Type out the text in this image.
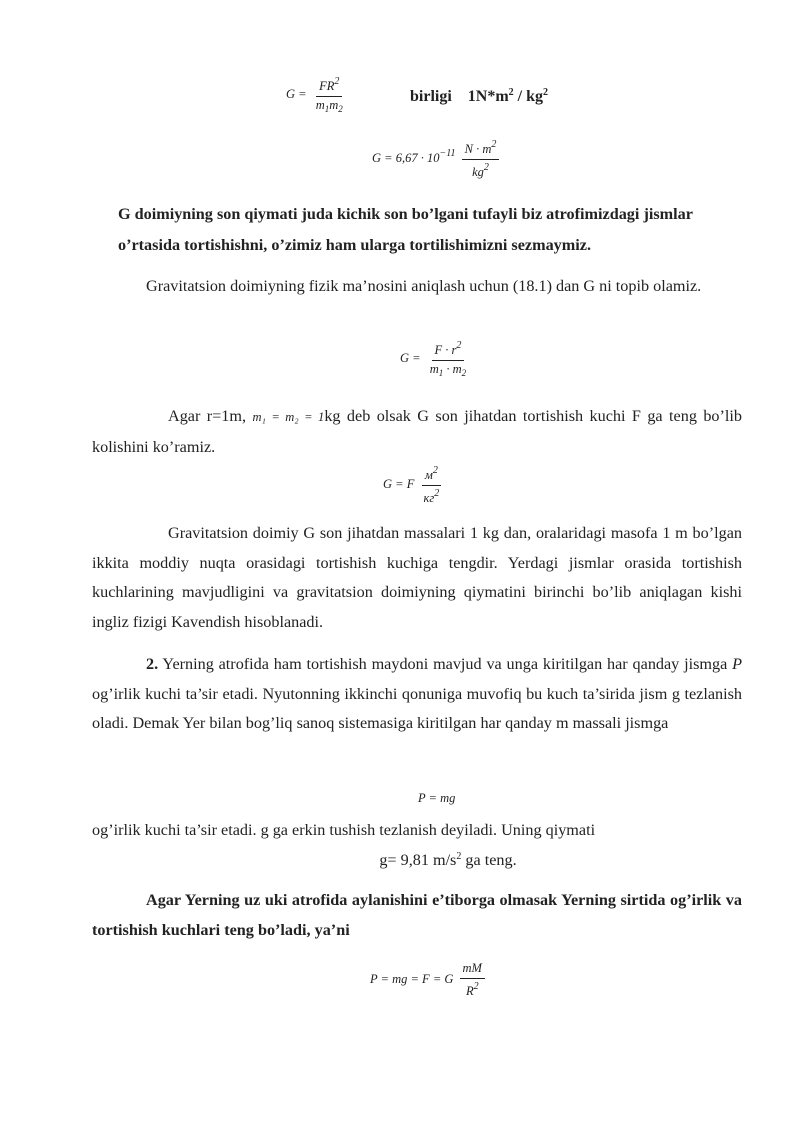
$G = \frac{FR^2}{m_1m_2}$	birligi $1N*m^2 / kg^2$
$G = 6,67 \cdot 10^{-11} \frac{N \cdot m^2}{kg^2}$

G doimiyning son qiymati juda kichik son bo’lgani tufayli biz atrofimizdagi jismlar o’rtasida tortishishni, o’zimiz ham ularga tortilishimizni sezmaymiz.

Gravitatsion doimiyning fizik ma’nosini aniqlash uchun (18.1) dan G ni topib olamiz.

$G = \frac{F \cdot r^2}{m_1 \cdot m_2}$

Agar r=1m, m₁ = m₂ = 1kg deb olsak G son jihatdan tortishish kuchi F ga teng bo’lib kolishini ko’ramiz.

G = F $\frac{м^2}{кг^2}$

Gravitatsion doimiy G son jihatdan massalari 1 kg dan, oralaridagi masofa 1 m bo’lgan ikkita moddiy nuqta orasidagi tortishish kuchiga tengdir. Yerdagi jismlar orasida tortishish kuchlarining mavjudligini va gravitatsion doimiyning qiymatini birinchi bo’lib aniqlagan kishi ingliz fizigi Kavendish hisoblanadi.

2. Yerning atrofida ham tortishish maydoni mavjud va unga kiritilgan har qanday jismga P og’irlik kuchi ta’sir etadi. Nyutonning ikkinchi qonuniga muvofiq bu kuch ta’sirida jism g tezlanish oladi. Demak Yer bilan bog’liq sanoq sistemasiga kiritilgan har qanday m massali jismga

P = mg

og’irlik kuchi ta’sir etadi. g ga erkin tushish tezlanish deyiladi. Uning qiymati

g= 9,81 $m/s^2$ ga teng.

Agar Yerning uz uki atrofida aylanishini e’tiborga olmasak Yerning sirtida og’irlik va tortishish kuchlari teng bo’ladi, ya’ni

P = mg = F = G $\frac{mM}{R^2}$
